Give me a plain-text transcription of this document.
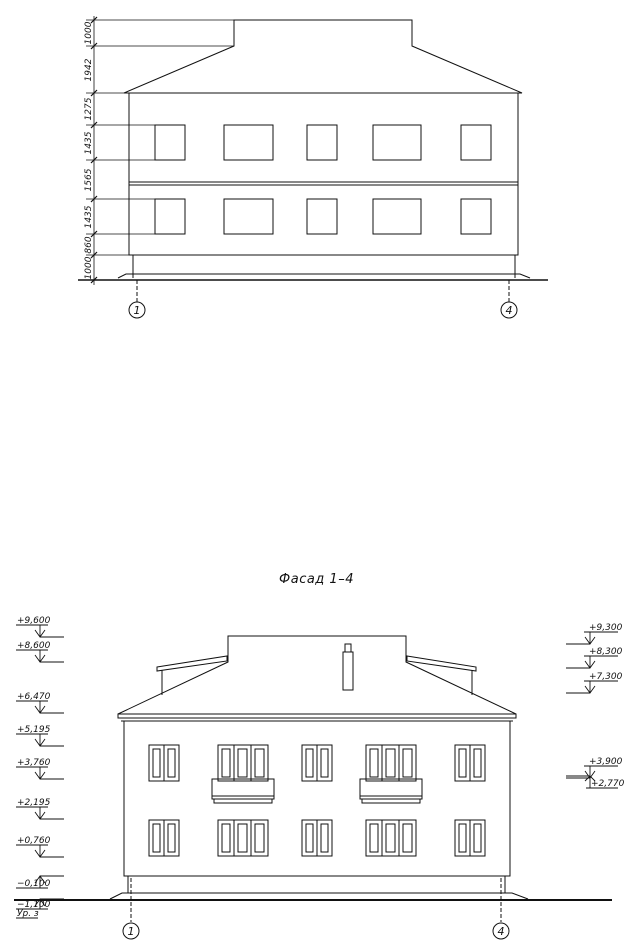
1000
1942
1275
1435
1565
1435
860
1000
1	4
+9,600
+8,600
+6,470
+5,195
+3,760
+2,195
+0,760
−0,100
−1,100
Ур. з
+9,300
+8,300
+7,300
+3,900
+2,770
1	4
Фасад 1–4
